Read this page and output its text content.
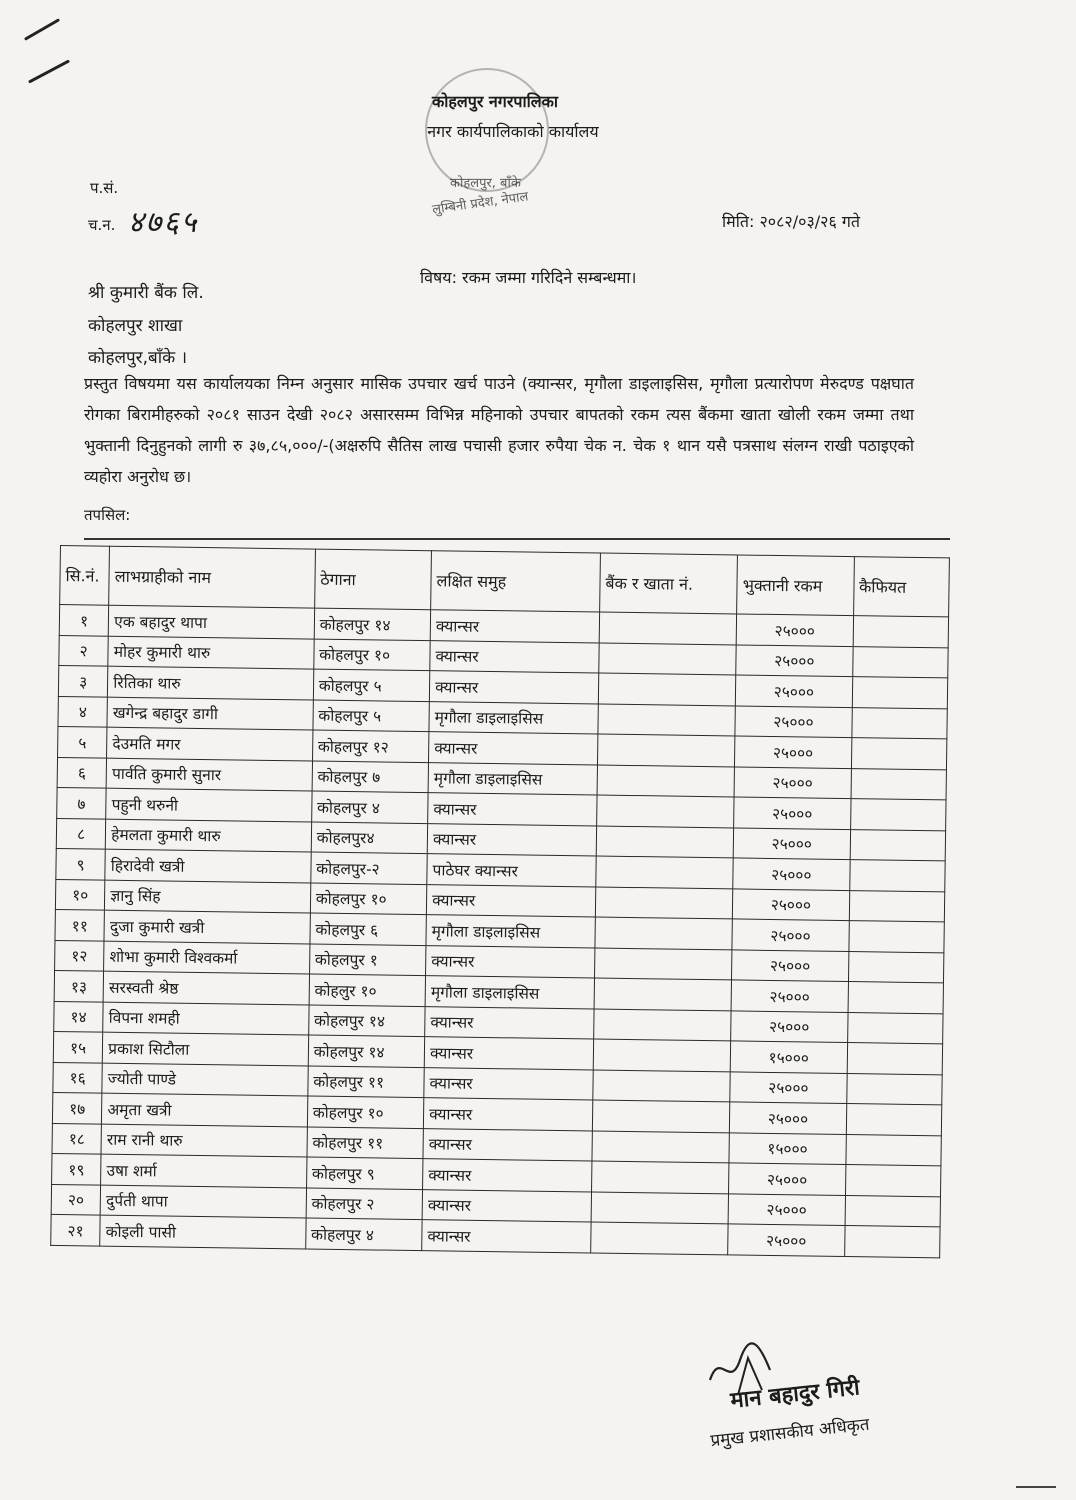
कोहलपुर नगरपालिका
नगर कार्यपालिकाको कार्यालय
कोहलपुर, बाँके
लुम्बिनी प्रदेश, नेपाल
प.सं.
च.न. ४७६५	मिति: २०८२/०३/२६ गते
विषय: रकम जम्मा गरिदिने सम्बन्धमा।
श्री कुमारी बैंक लि.
कोहलपुर शाखा
कोहलपुर,बाँके ।
प्रस्तुत विषयमा यस कार्यालयका निम्न अनुसार मासिक उपचार खर्च पाउने (क्यान्सर, मृगौला डाइलाइसिस, मृगौला प्रत्यारोपण मेरुदण्ड पक्षघात रोगका बिरामीहरुको २०८१ साउन देखी २०८२ असारसम्म विभिन्न महिनाको उपचार बापतको रकम त्यस बैंकमा खाता खोली रकम जम्मा तथा भुक्तानी दिनुहुनको लागी रु ३७,८५,०००/-(अक्षरुपि सैतिस लाख पचासी हजार रुपैया चेक न. चेक १ थान यसै पत्रसाथ संलग्न राखी पठाइएको व्यहोरा अनुरोध छ।
तपसिल:
सि.नं.	लाभग्राहीको नाम	ठेगाना	लक्षित समुह	बैंक र खाता नं.	भुक्तानी रकम	कैफियत
१	एक बहादुर थापा	कोहलपुर १४	क्यान्सर		२५०००	
२	मोहर कुमारी थारु	कोहलपुर १०	क्यान्सर		२५०००	
३	रितिका थारु	कोहलपुर ५	क्यान्सर		२५०००	
४	खगेन्द्र बहादुर डागी	कोहलपुर ५	मृगौला डाइलाइसिस		२५०००	
५	देउमति मगर	कोहलपुर १२	क्यान्सर		२५०००	
६	पार्वति कुमारी सुनार	कोहलपुर ७	मृगौला डाइलाइसिस		२५०००	
७	पहुनी थरुनी	कोहलपुर ४	क्यान्सर		२५०००	
८	हेमलता कुमारी थारु	कोहलपुर४	क्यान्सर		२५०००	
९	हिरादेवी खत्री	कोहलपुर-२	पाठेघर क्यान्सर		२५०००	
१०	ज्ञानु सिंह	कोहलपुर १०	क्यान्सर		२५०००	
११	दुजा कुमारी खत्री	कोहलपुर ६	मृगौला डाइलाइसिस		२५०००	
१२	शोभा कुमारी विश्वकर्मा	कोहलपुर १	क्यान्सर		२५०००	
१३	सरस्वती श्रेष्ठ	कोहलुर १०	मृगौला डाइलाइसिस		२५०००	
१४	विपना शमही	कोहलपुर १४	क्यान्सर		२५०००	
१५	प्रकाश सिटौला	कोहलपुर १४	क्यान्सर		१५०००	
१६	ज्योती पाण्डे	कोहलपुर ११	क्यान्सर		२५०००	
१७	अमृता खत्री	कोहलपुर १०	क्यान्सर		२५०००	
१८	राम रानी थारु	कोहलपुर ११	क्यान्सर		१५०००	
१९	उषा शर्मा	कोहलपुर ९	क्यान्सर		२५०००	
२०	दुर्पती थापा	कोहलपुर २	क्यान्सर		२५०००	
२१	कोइली पासी	कोहलपुर ४	क्यान्सर		२५०००	
मान बहादुर गिरी
प्रमुख प्रशासकीय अधिकृत
